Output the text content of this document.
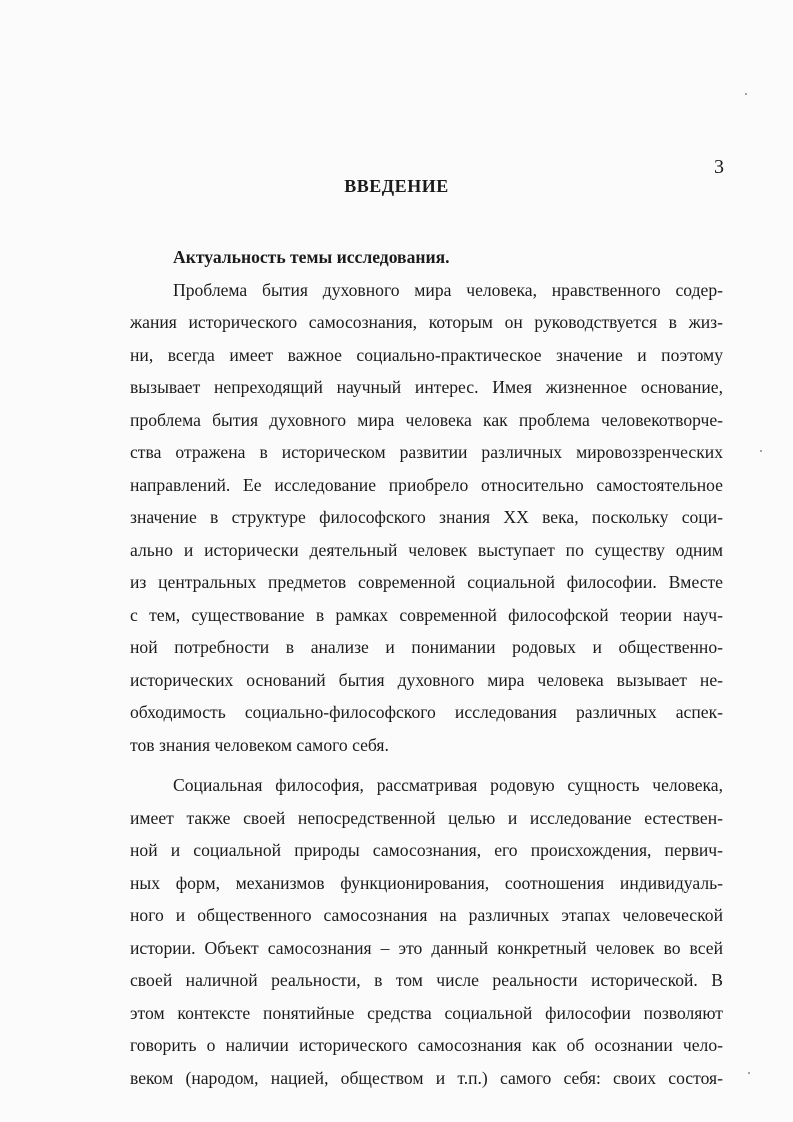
3
ВВЕДЕНИЕ
Актуальность темы исследования.
Проблема бытия духовного мира человека, нравственного содер-
жания исторического самосознания, которым он руководствуется в жиз-
ни, всегда имеет важное социально-практическое значение и поэтому
вызывает непреходящий научный интерес. Имея жизненное основание,
проблема бытия духовного мира человека как проблема человекотворче-
ства отражена в историческом развитии различных мировоззренческих
направлений. Ее исследование приобрело относительно самостоятельное
значение в структуре философского знания XX века, поскольку соци-
ально и исторически деятельный человек выступает по существу одним
из центральных предметов современной социальной философии. Вместе
с тем, существование в рамках современной философской теории науч-
ной потребности в анализе и понимании родовых и общественно-
исторических оснований бытия духовного мира человека вызывает не-
обходимость социально-философского исследования различных аспек-
тов знания человеком самого себя.
Социальная философия, рассматривая родовую сущность человека,
имеет также своей непосредственной целью и исследование естествен-
ной и социальной природы самосознания, его происхождения, первич-
ных форм, механизмов функционирования, соотношения индивидуаль-
ного и общественного самосознания на различных этапах человеческой
истории. Объект самосознания – это данный конкретный человек во всей
своей наличной реальности, в том числе реальности исторической. В
этом контексте понятийные средства социальной философии позволяют
говорить о наличии исторического самосознания как об осознании чело-
веком (народом, нацией, обществом и т.п.) самого себя: своих состоя-
